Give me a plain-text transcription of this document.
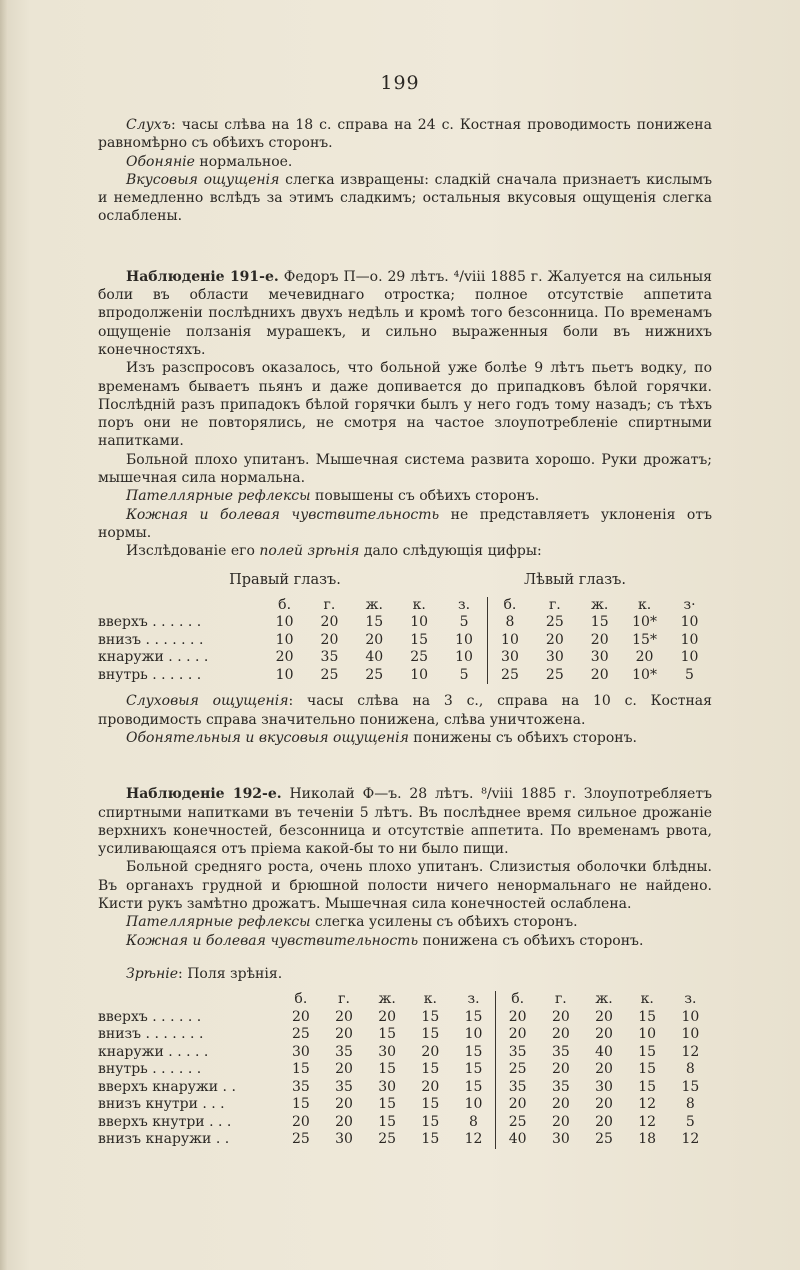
199

Слухъ: часы слѣва на 18 с. справа на 24 с. Костная проводимость понижена равномѣрно съ обѣихъ сторонъ.

Обоняніе нормальное.

Вкусовыя ощущенія слегка извращены: сладкій сначала признаетъ кислымъ и немедленно вслѣдъ за этимъ сладкимъ; остальныя вкусовыя ощущенія слегка ослаблены.

Наблюденіе 191-е. Федоръ П—о. 29 лѣтъ. ⁴/viii 1885 г. Жалуется на сильныя боли въ области мечевиднаго отростка; полное отсутствіе аппетита впродолженіи послѣднихъ двухъ недѣль и кромѣ того безсонница. По временамъ ощущеніе ползанія мурашекъ, и сильно выраженныя боли въ нижнихъ конечностяхъ.

Изъ разспросовъ оказалось, что больной уже болѣе 9 лѣтъ пьетъ водку, по временамъ бываетъ пьянъ и даже допивается до припадковъ бѣлой горячки. Послѣдній разъ припадокъ бѣлой горячки былъ у него годъ тому назадъ; съ тѣхъ поръ они не повторялись, не смотря на частое злоупотребленіе спиртными напитками.

Больной плохо упитанъ. Мышечная система развита хорошо. Руки дрожатъ; мышечная сила нормальна.

Пателлярные рефлексы повышены съ обѣихъ сторонъ.

Кожная и болевая чувствительность не представляетъ уклоненія отъ нормы.

Изслѣдованіе его полей зрѣнія дало слѣдующія цифры:

Правый глазъ.	Лѣвый глазъ.
	б.	г.	ж.	к.	з.	б.	г.	ж.	к.	з·
вверхъ . . . . . .	10	20	15	10	5	8	25	15	10*	10
внизъ . . . . . . .	10	20	20	15	10	10	20	20	15*	10
кнаружи . . . . .	20	35	40	25	10	30	30	30	20	10
внутрь . . . . . .	10	25	25	10	5	25	25	20	10*	5

Слуховыя ощущенія: часы слѣва на 3 с., справа на 10 с. Костная проводимость справа значительно понижена, слѣва уничтожена.

Обонятельныя и вкусовыя ощущенія понижены съ обѣихъ сторонъ.

Наблюденіе 192-е. Николай Ф—ъ. 28 лѣтъ. ⁸/viii 1885 г. Злоупотребляетъ спиртными напитками въ теченіи 5 лѣтъ. Въ послѣднее время сильное дрожаніе верхнихъ конечностей, безсонница и отсутствіе аппетита. По временамъ рвота, усиливающаяся отъ пріема какой-бы то ни было пищи.

Больной средняго роста, очень плохо упитанъ. Слизистыя оболочки блѣдны. Въ органахъ грудной и брюшной полости ничего ненормальнаго не найдено. Кисти рукъ замѣтно дрожатъ. Мышечная сила конечностей ослаблена.

Пателлярные рефлексы слегка усилены съ обѣихъ сторонъ.

Кожная и болевая чувствительность понижена съ обѣихъ сторонъ.

Зрѣніе: Поля зрѣнія.

	б.	г.	ж.	к.	з.	б.	г.	ж.	к.	з.
вверхъ . . . . . .	20	20	20	15	15	20	20	20	15	10
внизъ . . . . . . .	25	20	15	15	10	20	20	20	10	10
кнаружи . . . . .	30	35	30	20	15	35	35	40	15	12
внутрь . . . . . .	15	20	15	15	15	25	20	20	15	8
вверхъ кнаружи . .	35	35	30	20	15	35	35	30	15	15
внизъ кнутри . . .	15	20	15	15	10	20	20	20	12	8
вверхъ кнутри . . .	20	20	15	15	8	25	20	20	12	5
внизъ кнаружи . .	25	30	25	15	12	40	30	25	18	12
